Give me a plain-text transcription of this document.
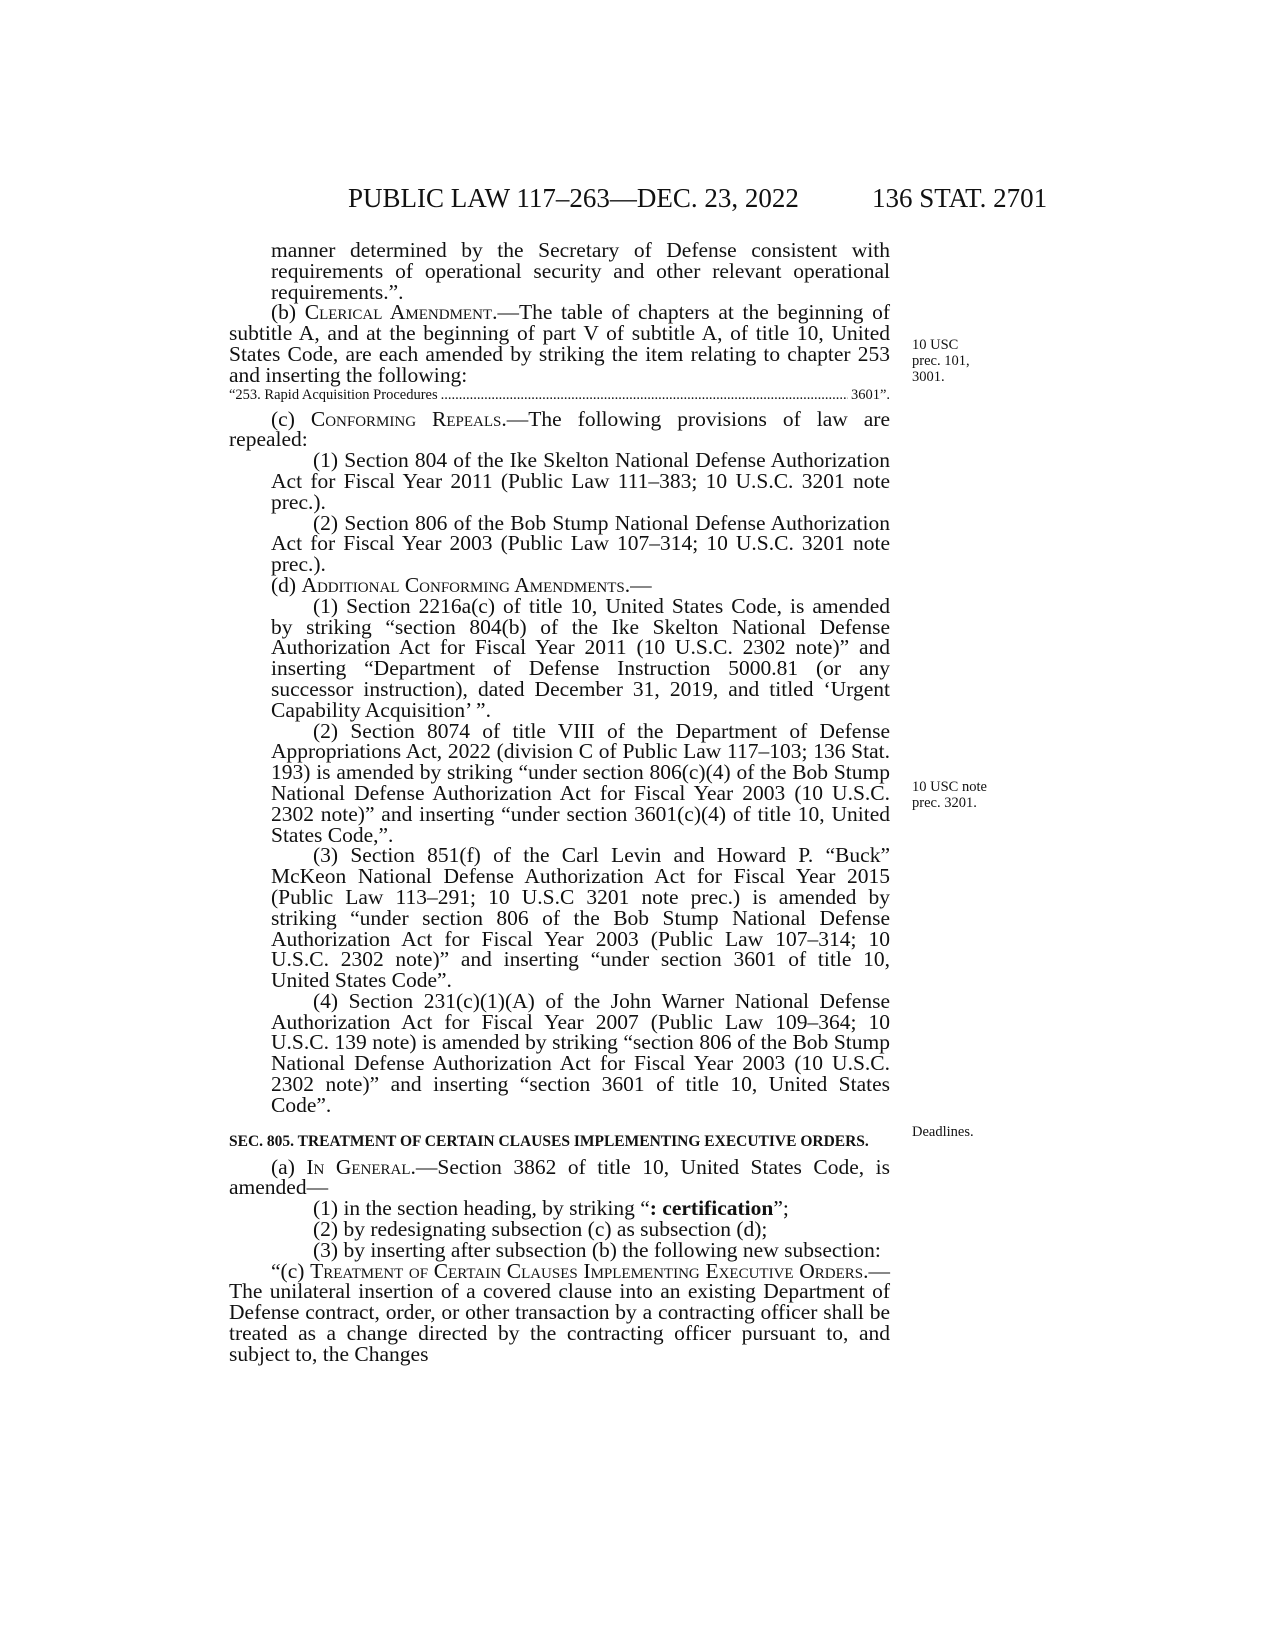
PUBLIC LAW 117–263—DEC. 23, 2022	136 STAT. 2701
10 USC
prec. 101,
3001.
10 USC note
prec. 3201.
Deadlines.

manner determined by the Secretary of Defense consistent with requirements of operational security and other relevant operational requirements.”.

(b) Clerical Amendment.—The table of chapters at the beginning of subtitle A, and at the beginning of part V of subtitle A, of title 10, United States Code, are each amended by striking the item relating to chapter 253 and inserting the following:

“253. Rapid Acquisition Procedures .....	3601”.

(c) Conforming Repeals.—The following provisions of law are repealed:

(1) Section 804 of the Ike Skelton National Defense Authorization Act for Fiscal Year 2011 (Public Law 111–383; 10 U.S.C. 3201 note prec.).

(2) Section 806 of the Bob Stump National Defense Authorization Act for Fiscal Year 2003 (Public Law 107–314; 10 U.S.C. 3201 note prec.).

(d) Additional Conforming Amendments.—

(1) Section 2216a(c) of title 10, United States Code, is amended by striking “section 804(b) of the Ike Skelton National Defense Authorization Act for Fiscal Year 2011 (10 U.S.C. 2302 note)” and inserting “Department of Defense Instruction 5000.81 (or any successor instruction), dated December 31, 2019, and titled ‘Urgent Capability Acquisition’ ”.

(2) Section 8074 of title VIII of the Department of Defense Appropriations Act, 2022 (division C of Public Law 117–103; 136 Stat. 193) is amended by striking “under section 806(c)(4) of the Bob Stump National Defense Authorization Act for Fiscal Year 2003 (10 U.S.C. 2302 note)” and inserting “under section 3601(c)(4) of title 10, United States Code,”.

(3) Section 851(f) of the Carl Levin and Howard P. “Buck” McKeon National Defense Authorization Act for Fiscal Year 2015 (Public Law 113–291; 10 U.S.C 3201 note prec.) is amended by striking “under section 806 of the Bob Stump National Defense Authorization Act for Fiscal Year 2003 (Public Law 107–314; 10 U.S.C. 2302 note)” and inserting “under section 3601 of title 10, United States Code”.

(4) Section 231(c)(1)(A) of the John Warner National Defense Authorization Act for Fiscal Year 2007 (Public Law 109–364; 10 U.S.C. 139 note) is amended by striking “section 806 of the Bob Stump National Defense Authorization Act for Fiscal Year 2003 (10 U.S.C. 2302 note)” and inserting “section 3601 of title 10, United States Code”.

SEC. 805. TREATMENT OF CERTAIN CLAUSES IMPLEMENTING EXECUTIVE ORDERS.

(a) In General.—Section 3862 of title 10, United States Code, is amended—

(1) in the section heading, by striking “: certification”;

(2) by redesignating subsection (c) as subsection (d);

(3) by inserting after subsection (b) the following new subsection:

“(c) Treatment of Certain Clauses Implementing Executive Orders.—The unilateral insertion of a covered clause into an existing Department of Defense contract, order, or other transaction by a contracting officer shall be treated as a change directed by the contracting officer pursuant to, and subject to, the Changes
